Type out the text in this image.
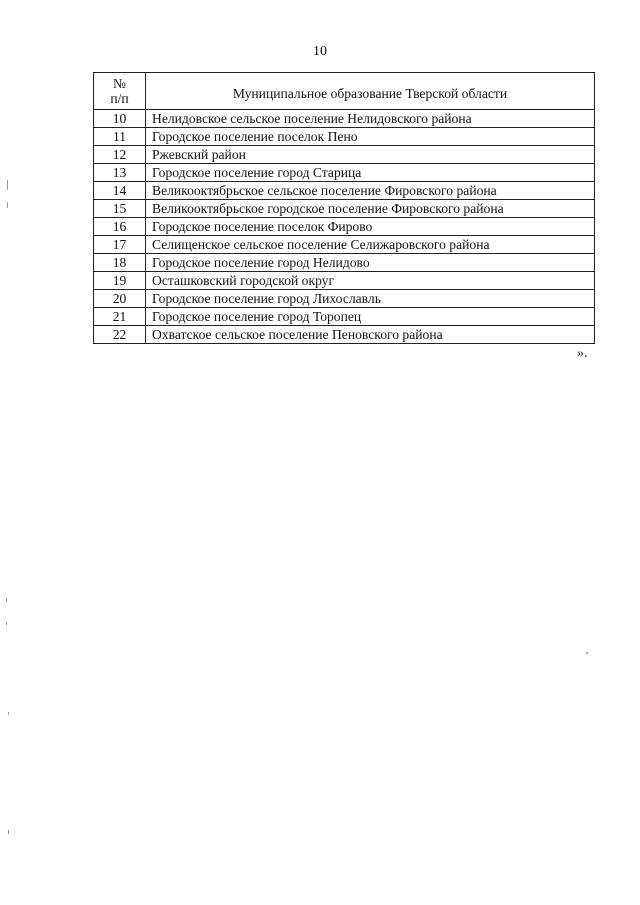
10
№
п/п	Муниципальное образование Тверской области
10	Нелидовское сельское поселение Нелидовского района
11	Городское поселение поселок Пено
12	Ржевский район
13	Городское поселение город Старица
14	Великооктябрьское сельское поселение Фировского района
15	Великооктябрьское городское поселение Фировского района
16	Городское поселение поселок Фирово
17	Селищенское сельское поселение Селижаровского района
18	Городское поселение город Нелидово
19	Осташковский городской округ
20	Городское поселение город Лихославль
21	Городское поселение город Торопец
22	Охватское сельское поселение Пеновского района
».
